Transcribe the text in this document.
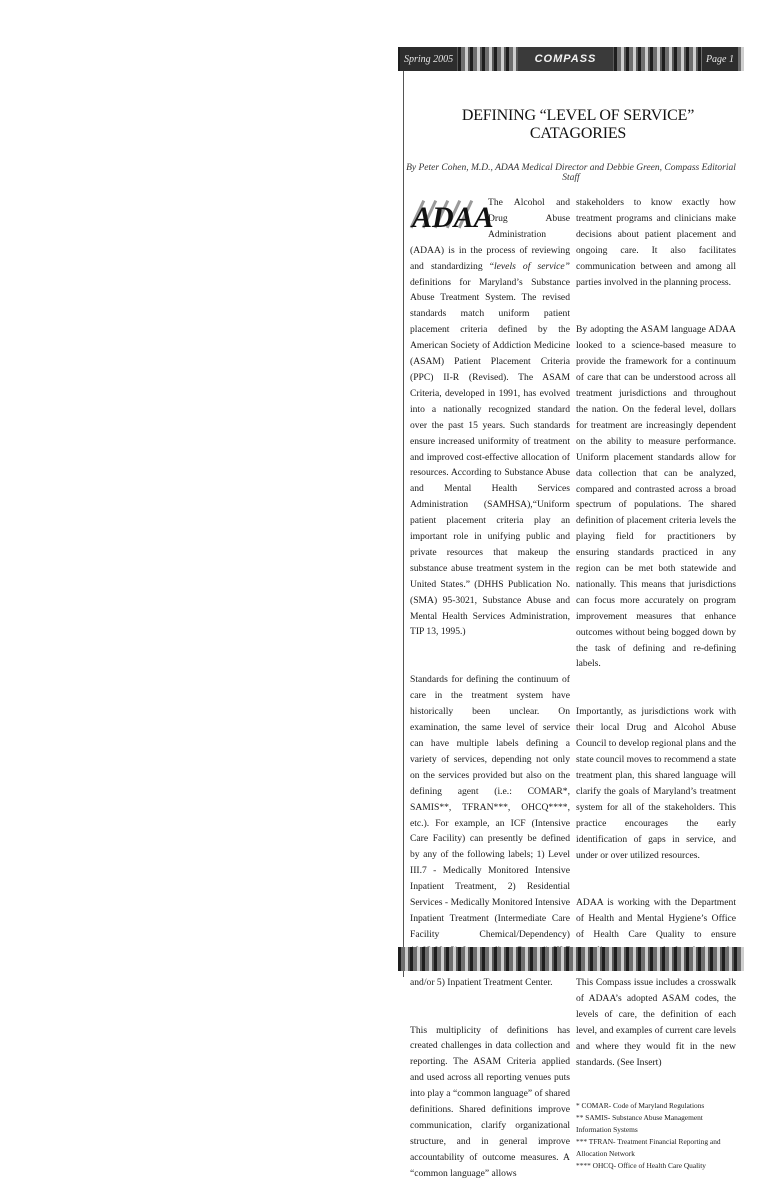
Spring 2005	COMPASS	Page 1
DEFINING “LEVEL OF SERVICE” CATAGORIES
By Peter Cohen, M.D., ADAA Medical Director and Debbie Green, Compass Editorial Staff

ADAA
The Alcohol and Drug Abuse Administration (ADAA) is in the process of reviewing and standardizing “levels of service” definitions for Maryland’s Substance Abuse Treatment System. The revised standards match uniform patient placement criteria defined by the American Society of Addiction Medicine (ASAM) Patient Placement Criteria (PPC) II-R (Revised). The ASAM Criteria, developed in 1991, has evolved into a nationally recognized standard over the past 15 years. Such standards ensure increased uniformity of treatment and improved cost-effective allocation of resources. According to Substance Abuse and Mental Health Services Administration (SAMHSA),“Uniform patient placement criteria play an important role in unifying public and private resources that makeup the substance abuse treatment system in the United States.” (DHHS Publication No. (SMA) 95-3021, Substance Abuse and Mental Health Services Administration, TIP 13, 1995.)

Standards for defining the continuum of care in the treatment system have historically been unclear. On examination, the same level of service can have multiple labels defining a variety of services, depending not only on the services provided but also on the defining agent (i.e.: COMAR*, SAMIS**, TFRAN***, OHCQ****, etc.). For example, an ICF (Intensive Care Facility) can presently be defined by any of the following labels; 1) Level III.7 - Medically Monitored Intensive Inpatient Treatment, 2) Residential Services - Medically Monitored Intensive Inpatient Treatment (Intermediate Care Facility Chemical/Dependency) and/or 5) Inpatient Treatment Center.

This multiplicity of definitions has created challenges in data collection and reporting. The ASAM Criteria applied and used across all reporting venues puts into play a “common language” of shared definitions. Shared definitions improve communication, clarify organizational structure, and in general improve accountability of outcome measures. A “common language” allows

stakeholders to know exactly how treatment programs and clinicians make decisions about patient placement and ongoing care. It also facilitates communication between and among all parties involved in the planning process.

By adopting the ASAM language ADAA looked to a science-based measure to provide the framework for a continuum of care that can be understood across all treatment jurisdictions and throughout the nation. On the federal level, dollars for treatment are increasingly dependent on the ability to measure performance. Uniform placement standards allow for data collection that can be analyzed, compared and contrasted across a broad spectrum of populations. The shared definition of placement criteria levels the playing field for practitioners by ensuring standards practiced in any region can be met both statewide and nationally. This means that jurisdictions can focus more accurately on program improvement measures that enhance outcomes without being bogged down by the task of defining and re-defining labels.

Importantly, as jurisdictions work with their local Drug and Alcohol Abuse Council to develop regional plans and the state council moves to recommend a state treatment plan, this shared language will clarify the goals of Maryland’s treatment system for all of the stakeholders. This practice encourages the early identification of gaps in service, and under or over utilized resources.

ADAA is working with the Department of Health and Mental Hygiene’s Office of Health Care Quality to ensure This Compass issue includes a crosswalk of ADAA’s adopted ASAM codes, the levels of care, the definition of each level, and examples of current care levels and where they would fit in the new standards. (See Insert)

* COMAR- Code of Maryland Regulations

** SAMIS- Substance Abuse Management Information Systems

*** TFRAN- Treatment Financial Reporting and Allocation Network

**** OHCQ- Office of Health Care Quality
